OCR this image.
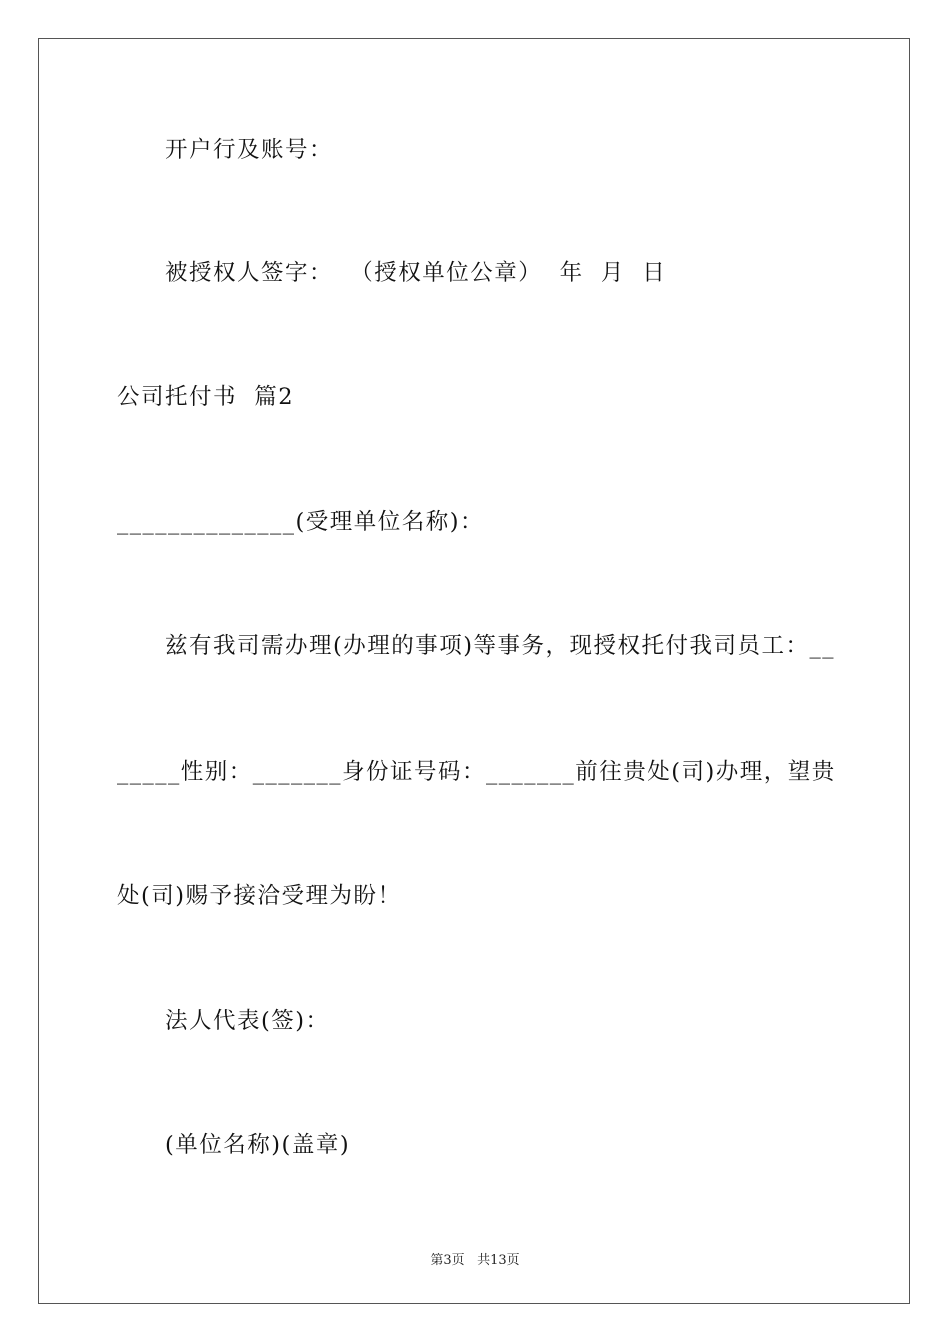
开户行及账号：
被授权人签字：  （授权单位公章）  年  月  日
公司托付书  篇2
______________(受理单位名称)：
兹有我司需办理(办理的事项)等事务，现授权托付我司员工：__
_____性别：_______身份证号码：_______前往贵处(司)办理，望贵
处(司)赐予接洽受理为盼！
法人代表(签)：
(单位名称)(盖章)
第3页 共13页
